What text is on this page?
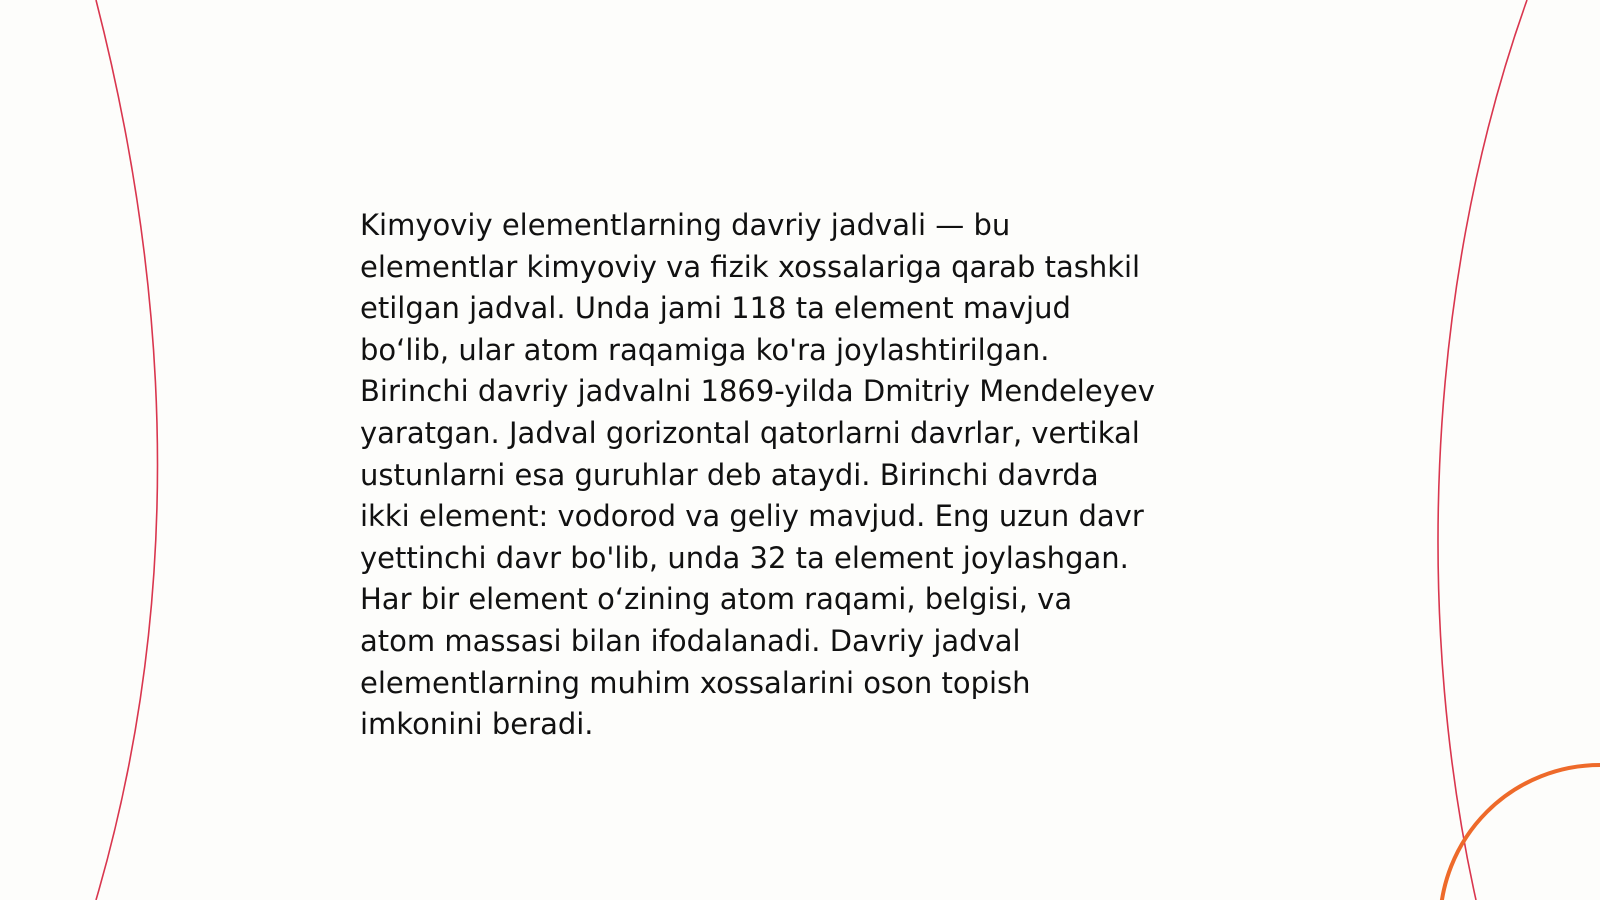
Kimyoviy elementlarning davriy jadvali — bu
elementlar kimyoviy va fizik xossalariga qarab tashkil
etilgan jadval. Unda jami 118 ta element mavjud
bo‘lib, ular atom raqamiga ko'ra joylashtirilgan.
Birinchi davriy jadvalni 1869-yilda Dmitriy Mendeleyev
yaratgan. Jadval gorizontal qatorlarni davrlar, vertikal
ustunlarni esa guruhlar deb ataydi. Birinchi davrda
ikki element: vodorod va geliy mavjud. Eng uzun davr
yettinchi davr bo'lib, unda 32 ta element joylashgan.
Har bir element o‘zining atom raqami, belgisi, va
atom massasi bilan ifodalanadi. Davriy jadval
elementlarning muhim xossalarini oson topish
imkonini beradi.
